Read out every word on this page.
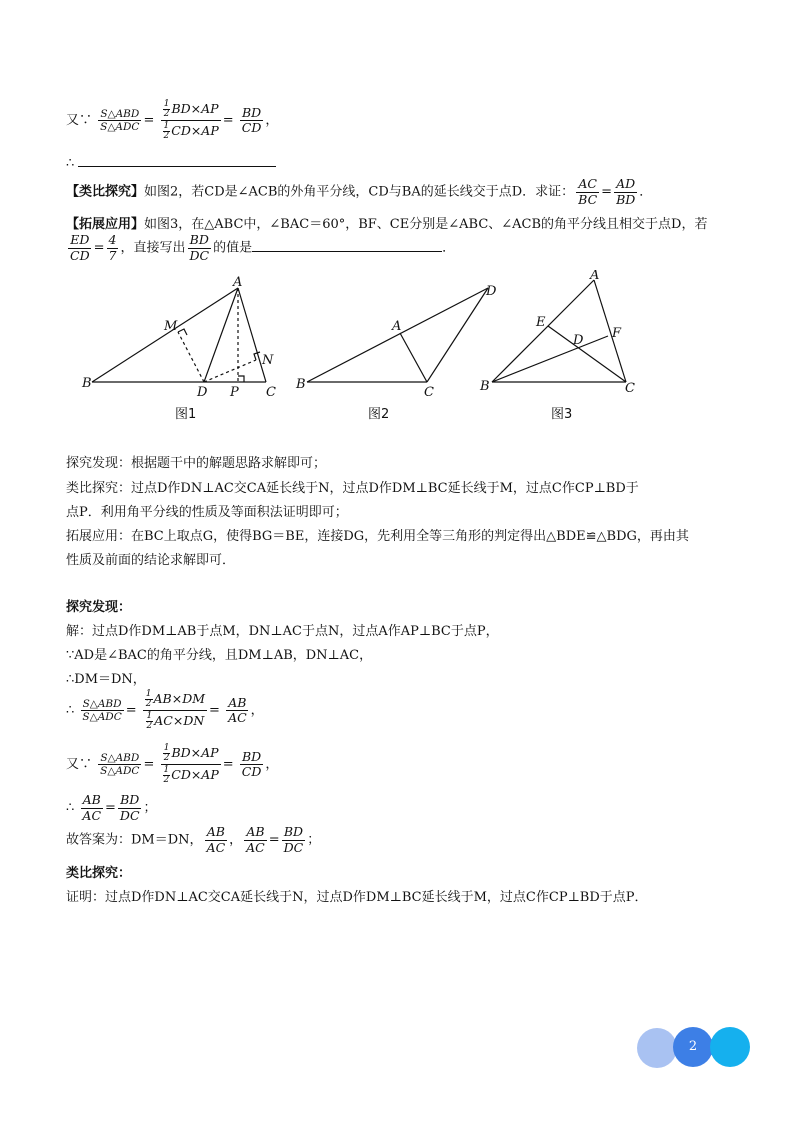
又∵ $\frac{\text{S△ABD}}{\text{S△ADC}} = \frac{\frac{1}{2} BD\times AP}{\frac{1}{2} CD\times AP} = \frac{BD}{CD}$ ，
∴
【类比探究】如图2，若CD是∠ACB的外角平分线，CD与BA的延长线交于点D．求证： $\frac{AC}{BC} = \frac{AD}{BD}$ ．
【拓展应用】如图3，在△ABC中，∠BAC＝60°，BF、CE分别是∠ABC、∠ACB的角平分线且相交于点D，若
$\frac{ED}{CD} = \frac{4}{7}$ ，直接写出 $\frac{BD}{DC}$ 的值是	．
A
M
N
B
D P C
D
A
B
C
A
E
F
D
B	C
图1	图2	图3
探究发现：根据题干中的解题思路求解即可；
类比探究：过点D作DN⊥AC交CA延长线于N，过点D作DM⊥BC延长线于M，过点C作CP⊥BD于
点P．利用角平分线的性质及等面积法证明即可；
拓展应用：在BC上取点G，使得BG＝BE，连接DG，先利用全等三角形的判定得出△BDE≌△BDG，再由其
性质及前面的结论求解即可．
探究发现：
解：过点D作DM⊥AB于点M，DN⊥AC于点N，过点A作AP⊥BC于点P，
∵AD是∠BAC的角平分线，且DM⊥AB，DN⊥AC，
∴DM＝DN，
∴ $\frac{\text{S△ABD}}{\text{S△ADC}} = \frac{\frac{1}{2} AB\times DM}{\frac{1}{2} AC\times DN} = \frac{AB}{AC}$ ，
又∵ $\frac{\text{S△ABD}}{\text{S△ADC}} = \frac{\frac{1}{2} BD\times AP}{\frac{1}{2} CD\times AP} = \frac{BD}{CD}$ ，
∴ $\frac{AB}{AC} = \frac{BD}{DC}$ ；
故答案为：DM＝DN， $\frac{AB}{AC}$ ， $\frac{AB}{AC} = \frac{BD}{DC}$ ；
类比探究：
证明：过点D作DN⊥AC交CA延长线于N，过点D作DM⊥BC延长线于M，过点C作CP⊥BD于点P．
2
